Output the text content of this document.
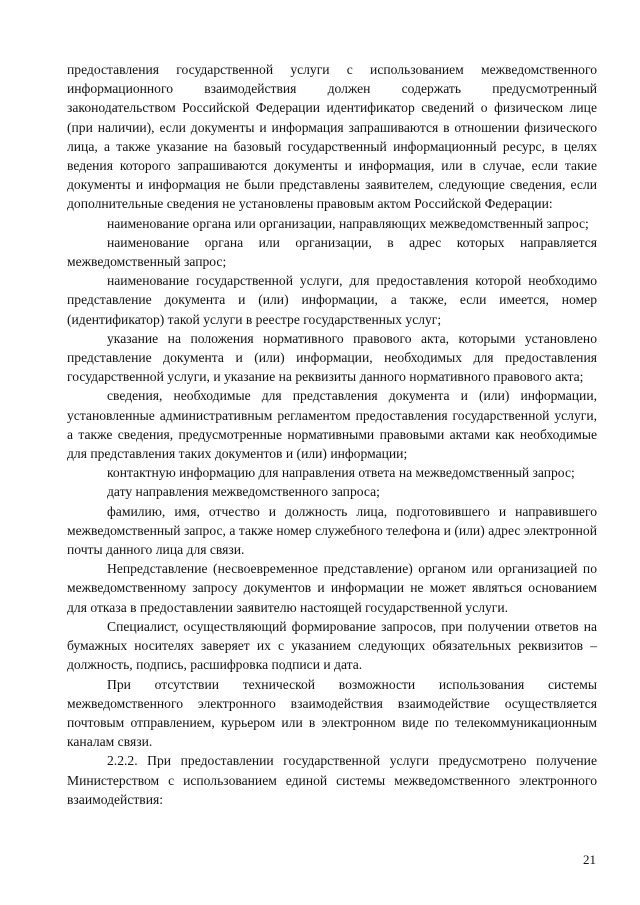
предоставления государственной услуги с использованием межведомственного информационного взаимодействия должен содержать предусмотренный законодательством Российской Федерации идентификатор сведений о физическом лице (при наличии), если документы и информация запрашиваются в отношении физического лица, а также указание на базовый государственный информационный ресурс, в целях ведения которого запрашиваются документы и информация, или в случае, если такие документы и информация не были представлены заявителем, следующие сведения, если дополнительные сведения не установлены правовым актом Российской Федерации:

наименование органа или организации, направляющих межведомственный запрос;

наименование органа или организации, в адрес которых направляется межведомственный запрос;

наименование государственной услуги, для предоставления которой необходимо представление документа и (или) информации, а также, если имеется, номер (идентификатор) такой услуги в реестре государственных услуг;

указание на положения нормативного правового акта, которыми установлено представление документа и (или) информации, необходимых для предоставления государственной услуги, и указание на реквизиты данного нормативного правового акта;

сведения, необходимые для представления документа и (или) информации, установленные административным регламентом предоставления государственной услуги, а также сведения, предусмотренные нормативными правовыми актами как необходимые для представления таких документов и (или) информации;

контактную информацию для направления ответа на межведомственный запрос;

дату направления межведомственного запроса;

фамилию, имя, отчество и должность лица, подготовившего и направившего межведомственный запрос, а также номер служебного телефона и (или) адрес электронной почты данного лица для связи.

Непредставление (несвоевременное представление) органом или организацией по межведомственному запросу документов и информации не может являться основанием для отказа в предоставлении заявителю настоящей государственной услуги.

Специалист, осуществляющий формирование запросов, при получении ответов на бумажных носителях заверяет их с указанием следующих обязательных реквизитов – должность, подпись, расшифровка подписи и дата.

При отсутствии технической возможности использования системы межведомственного электронного взаимодействия взаимодействие осуществляется почтовым отправлением, курьером или в электронном виде по телекоммуникационным каналам связи.

2.2.2. При предоставлении государственной услуги предусмотрено получение Министерством с использованием единой системы межведомственного электронного взаимодействия:

21
